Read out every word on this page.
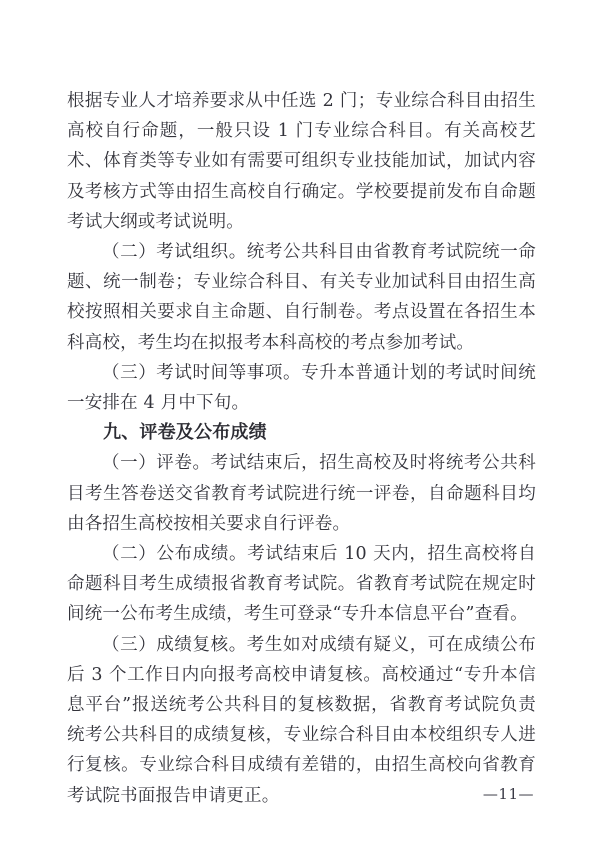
根据专业人才培养要求从中任选 2 门；专业综合科目由招生高校自行命题，一般只设 1 门专业综合科目。有关高校艺术、体育类等专业如有需要可组织专业技能加试，加试内容及考核方式等由招生高校自行确定。学校要提前发布自命题考试大纲或考试说明。

（二）考试组织。统考公共科目由省教育考试院统一命题、统一制卷；专业综合科目、有关专业加试科目由招生高校按照相关要求自主命题、自行制卷。考点设置在各招生本科高校，考生均在拟报考本科高校的考点参加考试。

（三）考试时间等事项。专升本普通计划的考试时间统一安排在 4 月中下旬。

九、评卷及公布成绩

（一）评卷。考试结束后，招生高校及时将统考公共科目考生答卷送交省教育考试院进行统一评卷，自命题科目均由各招生高校按相关要求自行评卷。

（二）公布成绩。考试结束后 10 天内，招生高校将自命题科目考生成绩报省教育考试院。省教育考试院在规定时间统一公布考生成绩，考生可登录“专升本信息平台”查看。

（三）成绩复核。考生如对成绩有疑义，可在成绩公布后 3 个工作日内向报考高校申请复核。高校通过“专升本信息平台”报送统考公共科目的复核数据，省教育考试院负责统考公共科目的成绩复核，专业综合科目由本校组织专人进行复核。专业综合科目成绩有差错的，由招生高校向省教育考试院书面报告申请更正。	—11—
